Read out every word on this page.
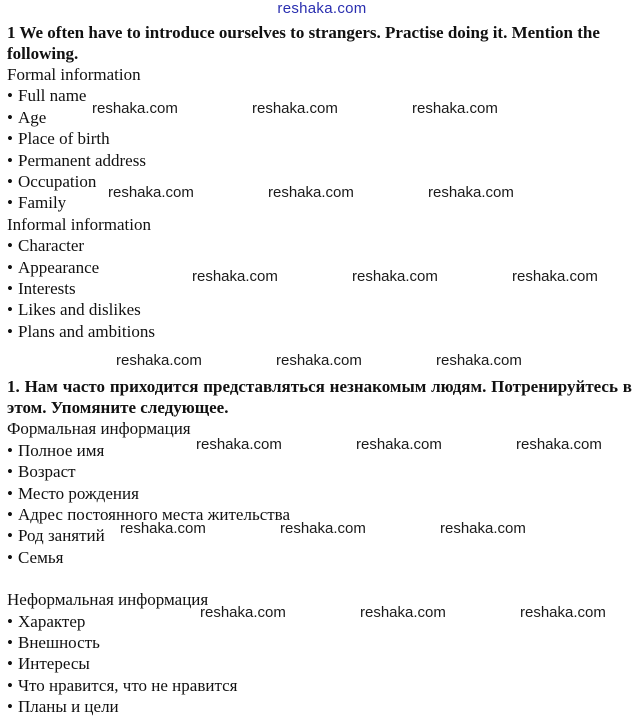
reshaka.com

1 We often have to introduce ourselves to strangers. Practise doing it. Mention the following.

Formal information
• Full name
• Age
• Place of birth
• Permanent address
• Occupation
• Family
Informal information
• Character
• Appearance
• Interests
• Likes and dislikes
• Plans and ambitions

1. Нам часто приходится представляться незнакомым людям. Потренируйтесь в этом. Упомяните следующее.

Формальная информация
• Полное имя
• Возраст
• Место рождения
• Адрес постоянного места жительства
• Род занятий
• Семья
Неформальная информация
• Характер
• Внешность
• Интересы
• Что нравится, что не нравится
• Планы и цели
reshaka.com	reshaka.com	reshaka.com
reshaka.com	reshaka.com	reshaka.com
reshaka.com	reshaka.com	reshaka.com
reshaka.com	reshaka.com	reshaka.com
reshaka.com	reshaka.com	reshaka.com
reshaka.com	reshaka.com	reshaka.com
reshaka.com	reshaka.com	reshaka.com
